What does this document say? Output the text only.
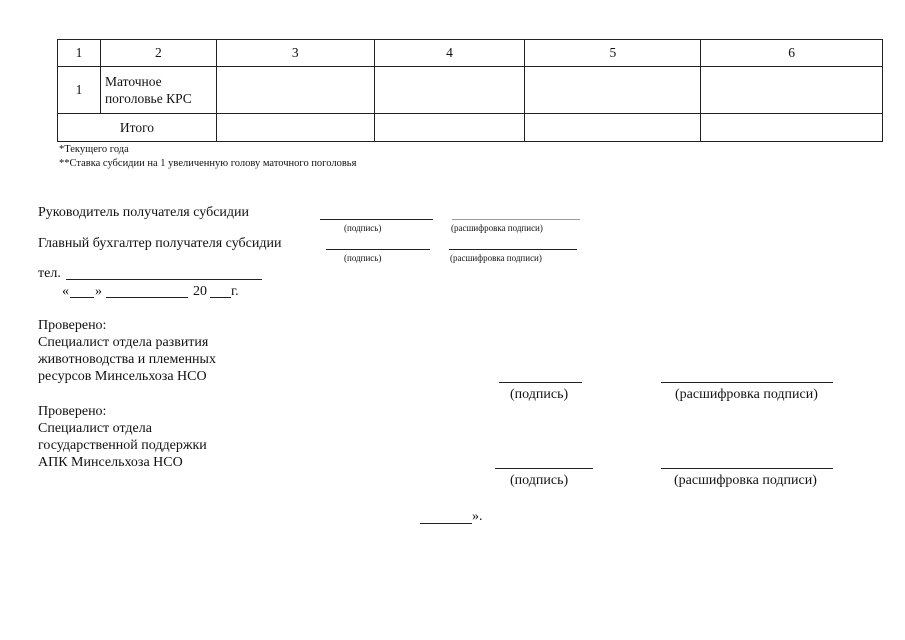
1	2	3	4	5	6
1	Маточное поголовье КРС				
Итого					
*Текущего года
**Ставка субсидии на 1 увеличенную голову маточного поголовья
Руководитель получателя субсидии
(подпись)	(расшифровка подписи)
Главный бухгалтер получателя субсидии
(подпись)	(расшифровка подписи)
тел.
« »	20 г.
Проверено:
Специалист отдела развития
животноводства и племенных
ресурсов Минсельхоза НСО
(подпись)	(расшифровка подписи)
Проверено:
Специалист отдела
государственной поддержки
АПК Минсельхоза НСО
(подпись)	(расшифровка подписи)
».
